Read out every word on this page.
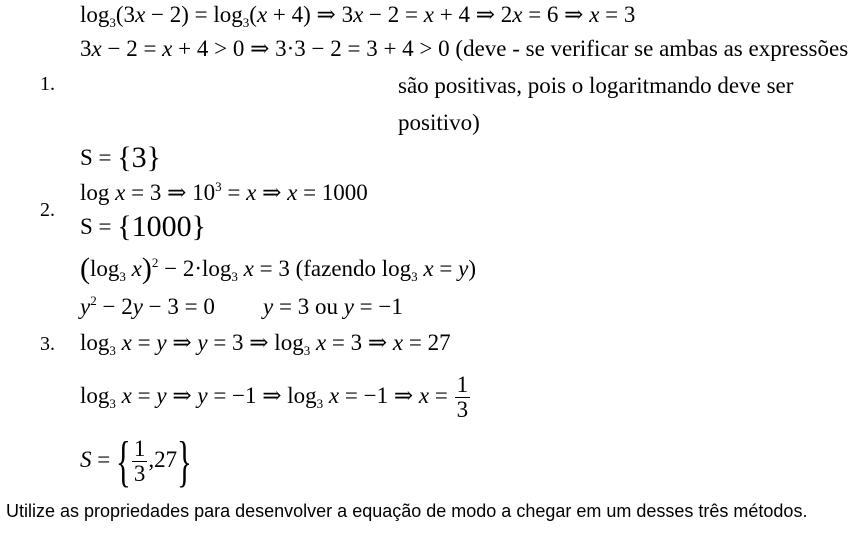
1.
2.
3.
$\log_3(3x - 2) = \log_3(x + 4)$ ⇒ 3x − 2 = x + 4 ⇒ 2x = 6 ⇒ x = 3
3x − 2 = x + 4 > 0 ⇒ 3·3 − 2 = 3 + 4 > 0 (deve - se verificar se ambas as expressões
são positivas, pois o logaritmando deve ser
positivo)
S = {3}
log x = 3 ⇒ $10^3 = x$ ⇒ x = 1000
S = {1000}
($\log_3$ $x)^2 - 2\cdot\log_3$ x = 3 (fazendo $\log_3 x = y$)
$y^2 - 2y - 3 = 0$ y = 3 ou y = −1
$\log_3 x = y$ ⇒ y = 3 ⇒ $\log_3 x = 3$ ⇒ x = 27
$\log_3 x = y$ ⇒ y = −1 ⇒ $\log_3 x = -1$ ⇒ $x = \frac{1}{3}$
S = { $\frac{1}{3} ,27$}
Utilize as propriedades para desenvolver a equação de modo a chegar em um desses três métodos.
